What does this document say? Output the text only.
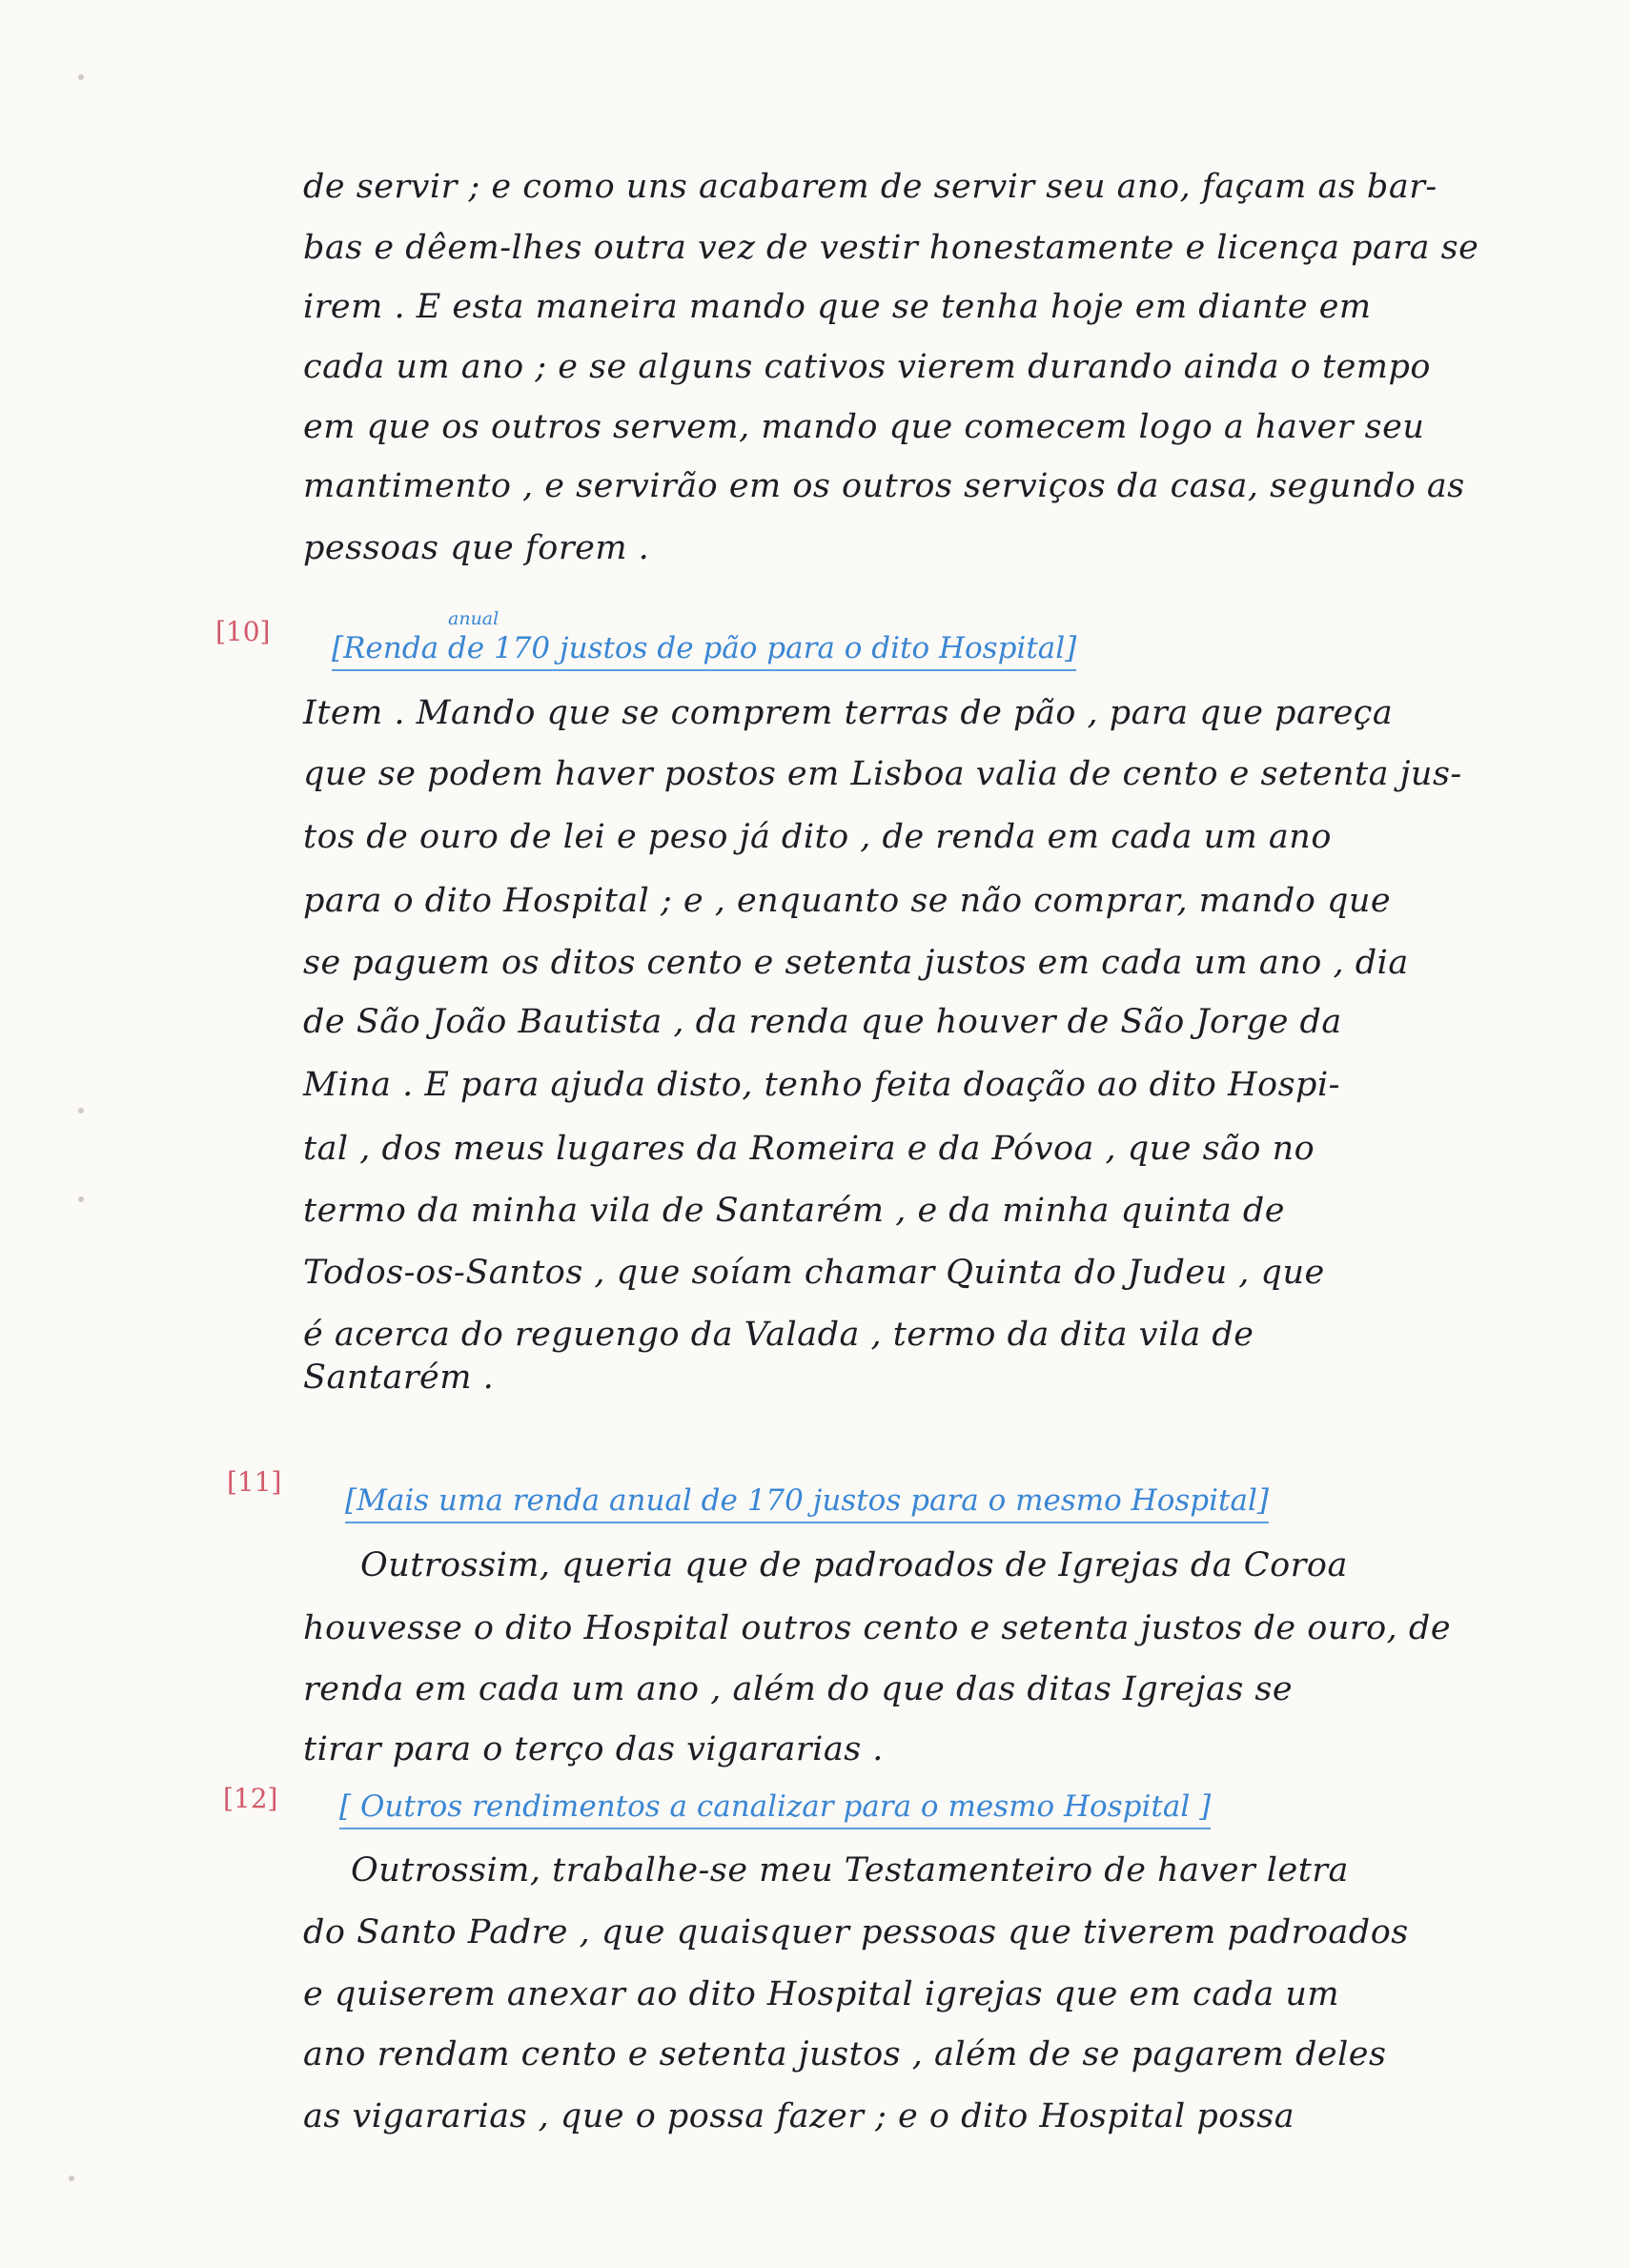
de servir ; e como uns acabarem de servir seu ano, façam as bar-
bas e dêem-lhes outra vez de vestir honestamente e licença para se
irem . E esta maneira mando que se tenha hoje em diante em
cada um ano ; e se alguns cativos vierem durando ainda o tempo
em que os outros servem, mando que comecem logo a haver seu
mantimento , e servirão em os outros serviços da casa, segundo as
pessoas que forem .
[10]	anual
[Renda de 170 justos de pão para o dito Hospital]
Item . Mando que se comprem terras de pão , para que pareça
que se podem haver postos em Lisboa valia de cento e setenta jus-
tos de ouro de lei e peso já dito , de renda em cada um ano
para o dito Hospital ; e , enquanto se não comprar, mando que
se paguem os ditos cento e setenta justos em cada um ano , dia
de São João Bautista , da renda que houver de São Jorge da
Mina . E para ajuda disto, tenho feita doação ao dito Hospi-
tal , dos meus lugares da Romeira e da Póvoa , que são no
termo da minha vila de Santarém , e da minha quinta de
Todos-os-Santos , que soíam chamar Quinta do Judeu , que
é acerca do reguengo da Valada , termo da dita vila de
Santarém .
[11]
[Mais uma renda anual de 170 justos para o mesmo Hospital]
Outrossim, queria que de padroados de Igrejas da Coroa
houvesse o dito Hospital outros cento e setenta justos de ouro, de
renda em cada um ano , além do que das ditas Igrejas se
tirar para o terço das vigararias .
[12] [ Outros rendimentos a canalizar para o mesmo Hospital ]
Outrossim, trabalhe-se meu Testamenteiro de haver letra
do Santo Padre , que quaisquer pessoas que tiverem padroados
e quiserem anexar ao dito Hospital igrejas que em cada um
ano rendam cento e setenta justos , além de se pagarem deles
as vigararias , que o possa fazer ; e o dito Hospital possa
